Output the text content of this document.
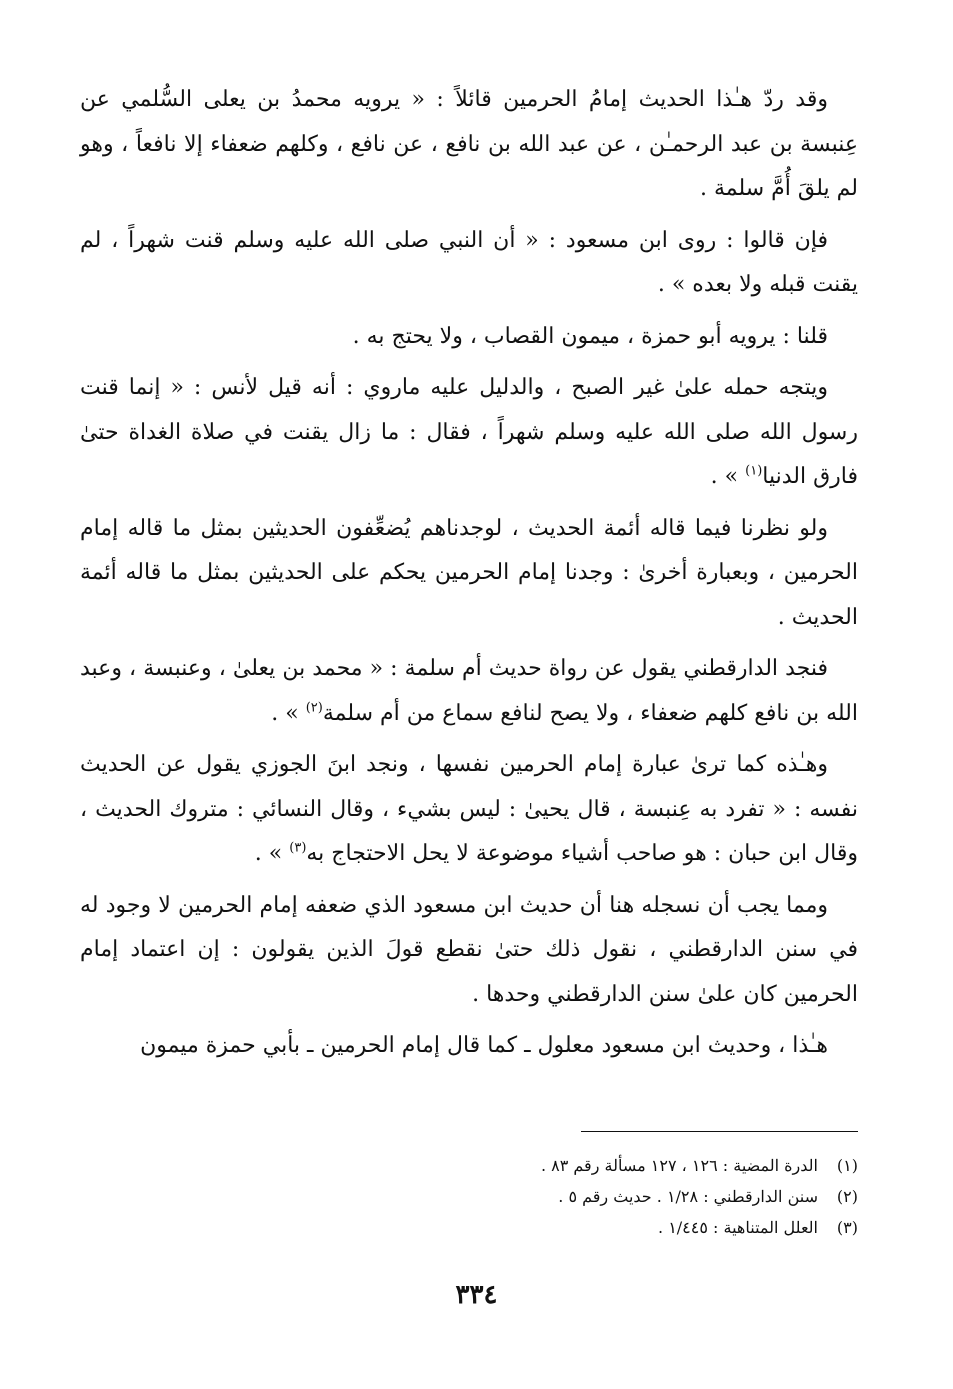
وقد ردّ هـٰذا الحديث إمامُ الحرمين قائلاً : « يرويه محمدُ بن يعلى السُّلمي عن عِنبسة بن عبد الرحمـٰن ، عن عبد الله بن نافع ، عن نافع ، وكلهم ضعفاء إلا نافعاً ، وهو لم يلقَ أُمَّ سلمة .

فإن قالوا : روى ابن مسعود : « أن النبي صلى الله عليه وسلم قنت شهراً ، لم يقنت قبله ولا بعده » .

قلنا : يرويه أبو حمزة ، ميمون القصاب ، ولا يحتج به .

ويتجه حمله علىٰ غير الصبح ، والدليل عليه ماروي : أنه قيل لأنس : « إنما قنت رسول الله صلى الله عليه وسلم شهراً ، فقال : ما زال يقنت في صلاة الغداة حتىٰ فارق الدنيا$^{(١)}$ » .

ولو نظرنا فيما قاله أئمة الحديث ، لوجدناهم يُضعِّفون الحديثين بمثل ما قاله إمام الحرمين ، وبعبارة أخرىٰ : وجدنا إمام الحرمين يحكم على الحديثين بمثل ما قاله أئمة الحديث .

فنجد الدارقطني يقول عن رواة حديث أم سلمة : « محمد بن يعلىٰ ، وعنبسة ، وعبد الله بن نافع كلهم ضعفاء ، ولا يصح لنافع سماع من أم سلمة$^{(٢)}$ » .

وهـٰذه كما ترىٰ عبارة إمام الحرمين نفسها ، ونجد ابنَ الجوزي يقول عن الحديث نفسه : « تفرد به عِنبسة ، قال يحيىٰ : ليس بشيء ، وقال النسائي : متروك الحديث ، وقال ابن حبان : هو صاحب أشياء موضوعة لا يحل الاحتجاج به$^{(٣)}$ » .

ومما يجب أن نسجله هنا أن حديث ابن مسعود الذي ضعفه إمام الحرمين لا وجود له في سنن الدارقطني ، نقول ذلك حتىٰ نقطع قولَ الذين يقولون : إن اعتماد إمام الحرمين كان علىٰ سنن الدارقطني وحدها .

هـٰذا ، وحديث ابن مسعود معلول ـ كما قال إمام الحرمين ـ بأبي حمزة ميمون

(١)الدرة المضية : ١٢٦ ، ١٢٧ مسألة رقم ٨٣ .
(٢)سنن الدارقطني : ١/٢٨ . حديث رقم ٥ .
(٣)العلل المتناهية : ١/٤٤٥ .
٣٣٤
